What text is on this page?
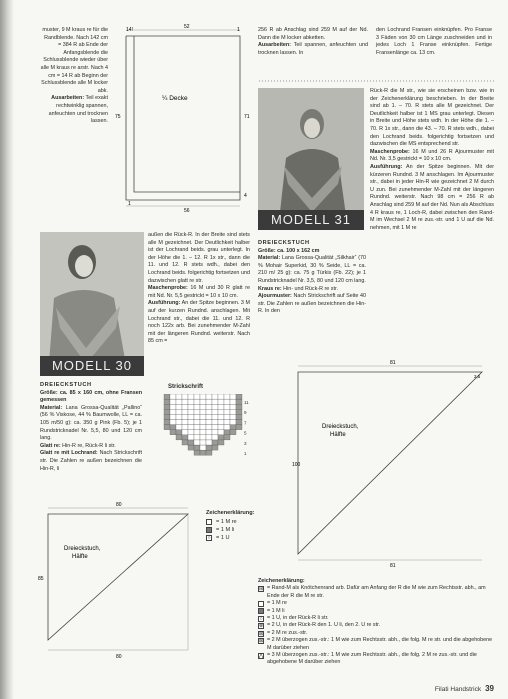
muster, 9 M kraus re für die Randblende. Nach 142 cm = 384 R ab Ende der Anfangsblende die Schlussblende wieder über alle M kraus re arstr. Nach 4 cm = 14 R ab Beginn der Schlussblende alle M locker abk.

Ausarbeiten: Teil exakt rechtwinklig spannen, anfeuchten und trocknen lassen.

14!	52	1
75	71
¼ Decke
1
56
4

256 R ab Anschlag sind 259 M auf der Nd. Dann die M locker abketten.

Ausarbeiten: Teil spannen, anfeuchten und trocknen lassen. In

den Lochrand Fransen einknüpfen. Pro Franse 3 Fäden von 30 cm Länge zuschneiden und in jedes Loch 1 Franse einknüpfen. Fertige Fransenlänge ca. 13 cm.

MODELL 31

DREIECKSTUCH

Größe: ca. 100 x 162 cm

Material: Lana Grossa-Qualität „Silkhair“ (70 % Mohair Superkid, 30 % Seide, LL = ca. 210 m/ 25 g): ca. 75 g Türkis (Fb. 22); je 1 Rundstricknadel Nr. 3,5, 80 und 120 cm lang.

Kraus re: Hin- und Rück-R re str.

Ajourmuster: Nach Strickschrift auf Seite 40 str. Die Zahlen re außen bezeichnen die Hin-R. In den

Rück-R die M str., wie sie erscheinen bzw. wie in der Zeichenerklärung beschrieben. In der Breite sind ab 1. – 70. R stets alle M gezeichnet. Der Deutlichkeit halber ist 1 MS grau unterlegt. Diesen in Breite und Höhe stets wdh. In der Höhe die 1. – 70. R 1x str., dann die 43. – 70. R stets wdh., dabei den Lochrand beids. folgerichtig fortsetzen und dazwischen die MS entsprechend str.

Maschenprobe: 16 M und 26 R Ajourmuster mit Nd. Nr. 3,5 gestrickt = 10 x 10 cm.

Ausführung: An der Spitze beginnen. Mit der kürzeren Rundnd. 3 M anschlagen. Im Ajourmuster str., dabei in jeder Hin-R wie gezeichnet 2 M durch U zun. Bei zunehmender M-Zahl mit der längeren Rundnd. weiterstr. Nach 98 cm = 256 R ab Anschlag sind 259 M auf der Nd. Nun als Abschluss 4 R kraus re, 1 Loch-R, dabei zwischen den Rand-M im Wechsel 2 M re zus.-str. und 1 U auf die Nd. nehmen, mit 1 M re

MODELL 30

DREIECKSTUCH

Größe: ca. 85 x 160 cm, ohne Fransen gemessen

Material: Lana Grossa-Qualität „Pallino“ (56 % Viskose, 44 % Baumwolle, LL = ca. 105 m/50 g): ca. 350 g Pink (Fb. 5); je 1 Rundstricknadel Nr. 5,5, 80 und 120 cm lang.

Glatt re: Hin-R re, Rück-R li str.

Glatt re mit Lochrand: Nach Strickschrift str. Die Zahlen re außen bezeichnen die Hin-R, li

außen die Rück-R. In der Breite sind stets alle M gezeichnet. Der Deutlichkeit halber ist der Lochrand beids. grau unterlegt. In der Höhe die 1. – 12. R 1x str., dann die 11. und 12. R stets wdh., dabei den Lochrand beids. folgerichtig fortsetzen und dazwischen glatt re str.

Maschenprobe: 16 M und 30 R glatt re mit Nd. Nr. 5,5 gestrickt = 10 x 10 cm.

Ausführung: An der Spitze beginnen. 3 M auf der kurzen Rundnd. anschlagen. Mit Lochrand str., dabei die 11. und 12. R noch 122x arb. Bei zunehmender M-Zahl mit der längeren Rundnd. weiterstr. Nach 85 cm =

Strickschrift
11
9
7
5
3
1
Zeichenerklärung:
= 1 M re
= 1 M li
○ = 1 U
80
85
80
Dreieckstuch,
Hälfte
81
100
81
2,5
Dreieckstuch,
Hälfte
Zeichenerklärung:
⊞ = Rand-M als Knötchenrand arb. Dafür am Anfang der R die M wie zum Rechtsstr. abh., am Ende der R die M re str.
= 1 M re
= 1 M li
○ = 1 U, in der Rück-R li str.
⊗ = 2 U, in der Rück-R den 1. U li, den 2. U re str.
⊠ = 2 M re zus.-str.
⊠ = 2 M überzogen zus.-str.: 1 M wie zum Rechtsstr. abh., die folg. M re str. und die abgehobene M darüber ziehen
⋀ = 3 M überzogen zus.-str.: 1 M wie zum Rechtsstr. abh., die folg. 2 M re zus.-str. und die abgehobene M darüber ziehen
Filati Handstrick 39
